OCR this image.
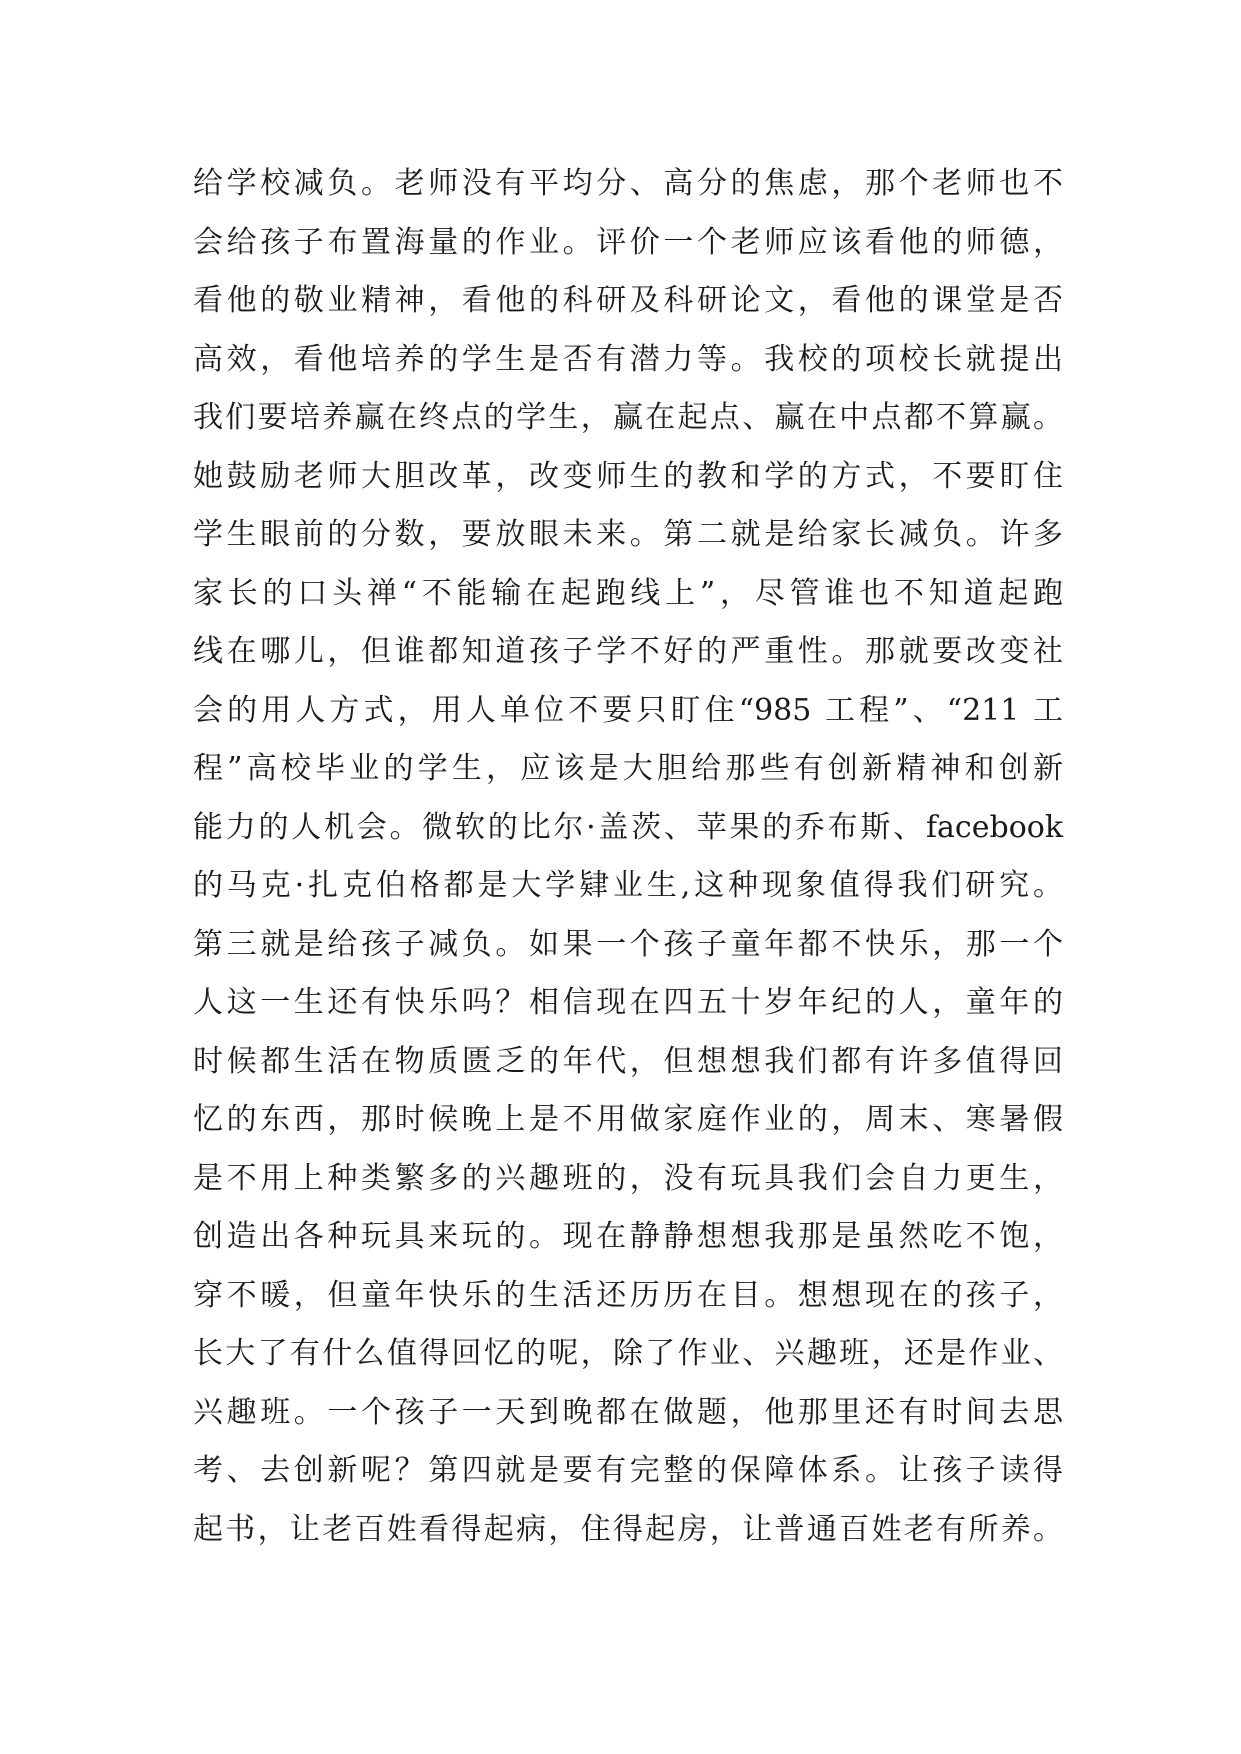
给学校减负。老师没有平均分、高分的焦虑，那个老师也不
会给孩子布置海量的作业。评价一个老师应该看他的师德，
看他的敬业精神，看他的科研及科研论文，看他的课堂是否
高效，看他培养的学生是否有潜力等。我校的项校长就提出
我们要培养赢在终点的学生，赢在起点、赢在中点都不算赢。
她鼓励老师大胆改革，改变师生的教和学的方式，不要盯住
学生眼前的分数，要放眼未来。第二就是给家长减负。许多
家长的口头禅“不能输在起跑线上”，尽管谁也不知道起跑
线在哪儿，但谁都知道孩子学不好的严重性。那就要改变社
会的用人方式，用人单位不要只盯住“985 工程”、“211 工
程”高校毕业的学生，应该是大胆给那些有创新精神和创新
能力的人机会。微软的比尔·盖茨、苹果的乔布斯、facebook
的马克·扎克伯格都是大学肄业生,这种现象值得我们研究。
第三就是给孩子减负。如果一个孩子童年都不快乐，那一个
人这一生还有快乐吗？相信现在四五十岁年纪的人，童年的
时候都生活在物质匮乏的年代，但想想我们都有许多值得回
忆的东西，那时候晚上是不用做家庭作业的，周末、寒暑假
是不用上种类繁多的兴趣班的，没有玩具我们会自力更生，
创造出各种玩具来玩的。现在静静想想我那是虽然吃不饱，
穿不暖，但童年快乐的生活还历历在目。想想现在的孩子，
长大了有什么值得回忆的呢，除了作业、兴趣班，还是作业、
兴趣班。一个孩子一天到晚都在做题，他那里还有时间去思
考、去创新呢？第四就是要有完整的保障体系。让孩子读得
起书，让老百姓看得起病，住得起房，让普通百姓老有所养。
